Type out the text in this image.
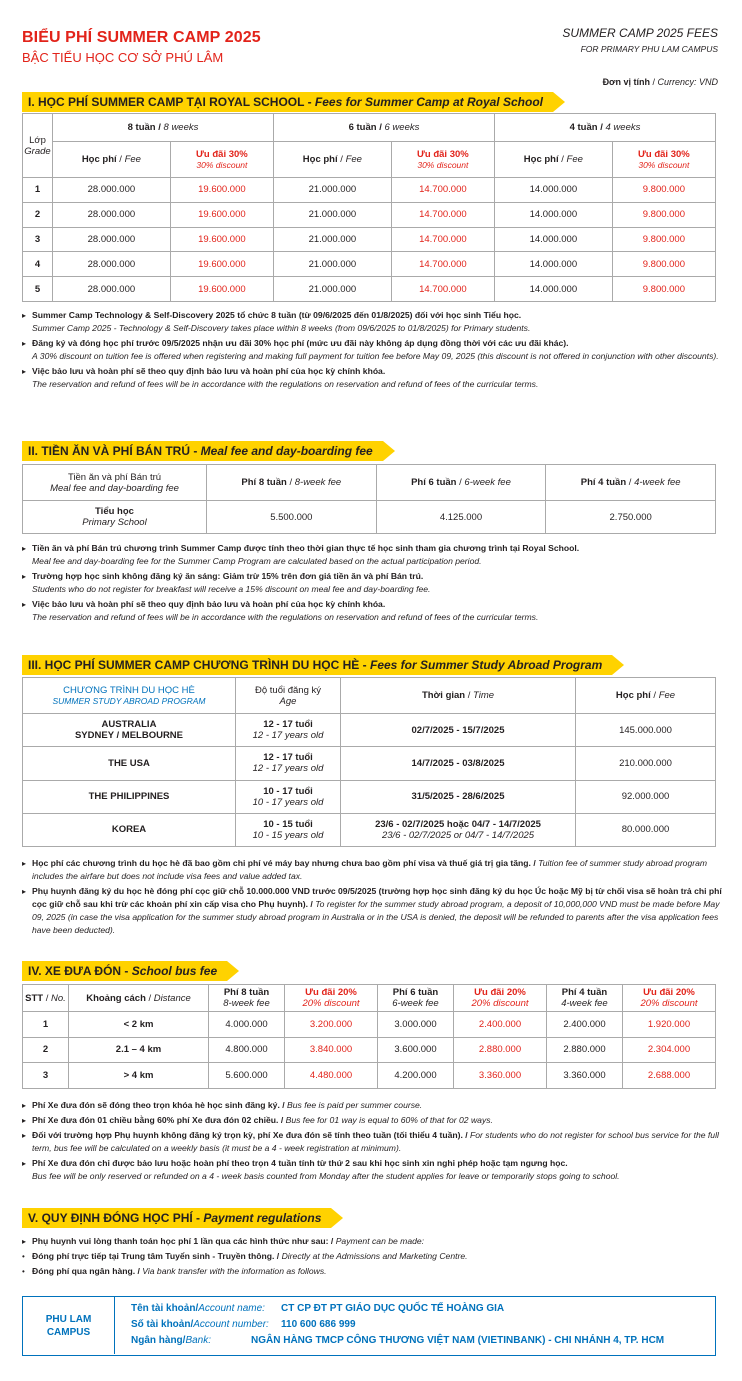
BIỂU PHÍ SUMMER CAMP 2025
BẬC TIỂU HỌC CƠ SỞ PHÚ LÂM
SUMMER CAMP 2025 FEES
FOR PRIMARY PHU LAM CAMPUS
Đơn vị tính / Currency: VND
I. HỌC PHÍ SUMMER CAMP TẠI ROYAL SCHOOL - Fees for Summer Camp at Royal School
Lớp
Grade	8 tuần / 8 weeks		6 tuần / 6 weeks		4 tuần / 4 weeks	
	Học phí / Fee	Ưu đãi 30%
30% discount	Học phí / Fee	Ưu đãi 30%
30% discount	Học phí / Fee	Ưu đãi 30%
30% discount
1	28.000.000	19.600.000	21.000.000	14.700.000	14.000.000	9.800.000
2	28.000.000	19.600.000	21.000.000	14.700.000	14.000.000	9.800.000
3	28.000.000	19.600.000	21.000.000	14.700.000	14.000.000	9.800.000
4	28.000.000	19.600.000	21.000.000	14.700.000	14.000.000	9.800.000
5	28.000.000	19.600.000	21.000.000	14.700.000	14.000.000	9.800.000

▸ Summer Camp Technology & Self-Discovery 2025 tổ chức 8 tuần (từ 09/6/2025 đến 01/8/2025) đối với học sinh Tiểu học.
Summer Camp 2025 - Technology & Self-Discovery takes place within 8 weeks (from 09/6/2025 to 01/8/2025) for Primary students.

▸ Đăng ký và đóng học phí trước 09/5/2025 nhận ưu đãi 30% học phí (mức ưu đãi này không áp dụng đồng thời với các ưu đãi khác).
A 30% discount on tuition fee is offered when registering and making full payment for tuition fee before May 09, 2025 (this discount is not offered in conjunction with other discounts).

▸ Việc bảo lưu và hoàn phí sẽ theo quy định bảo lưu và hoàn phí của học kỳ chính khóa.
The reservation and refund of fees will be in accordance with the regulations on reservation and refund of fees of the curricular terms.

II. TIỀN ĂN VÀ PHÍ BÁN TRÚ - Meal fee and day-boarding fee
Tiền ăn và phí Bán trú
Meal fee and day-boarding fee	Phí 8 tuần / 8-week fee	Phí 6 tuần / 6-week fee	Phí 4 tuần / 4-week fee
Tiểu học
Primary School	5.500.000	4.125.000	2.750.000

▸ Tiền ăn và phí Bán trú chương trình Summer Camp được tính theo thời gian thực tế học sinh tham gia chương trình tại Royal School.
Meal fee and day-boarding fee for the Summer Camp Program are calculated based on the actual participation period.

▸ Trường hợp học sinh không đăng ký ăn sáng: Giảm trừ 15% trên đơn giá tiền ăn và phí Bán trú.
Students who do not register for breakfast will receive a 15% discount on meal fee and day-boarding fee.

▸ Việc bảo lưu và hoàn phí sẽ theo quy định bảo lưu và hoàn phí của học kỳ chính khóa.
The reservation and refund of fees will be in accordance with the regulations on reservation and refund of fees of the curricular terms.

III. HỌC PHÍ SUMMER CAMP CHƯƠNG TRÌNH DU HỌC HÈ - Fees for Summer Study Abroad Program
CHƯƠNG TRÌNH DU HỌC HÈ
SUMMER STUDY ABROAD PROGRAM	Độ tuổi đăng ký
Age	Thời gian / Time	Học phí / Fee
AUSTRALIA
SYDNEY / MELBOURNE	12 - 17 tuổi
12 - 17 years old	02/7/2025 - 15/7/2025	145.000.000
THE USA	12 - 17 tuổi
12 - 17 years old	14/7/2025 - 03/8/2025	210.000.000
THE PHILIPPINES	10 - 17 tuổi
10 - 17 years old	31/5/2025 - 28/6/2025	92.000.000
KOREA	10 - 15 tuổi
10 - 15 years old	23/6 - 02/7/2025 hoặc 04/7 - 14/7/2025
23/6 - 02/7/2025 or 04/7 - 14/7/2025	80.000.000

▸ Học phí các chương trình du học hè đã bao gồm chi phí vé máy bay nhưng chưa bao gồm phí visa và thuế giá trị gia tăng. / Tuition fee of summer study abroad program includes the airfare but does not include visa fees and value added tax.

▸ Phụ huynh đăng ký du học hè đóng phí cọc giữ chỗ 10.000.000 VND trước 09/5/2025 (trường hợp học sinh đăng ký du học Úc hoặc Mỹ bị từ chối visa sẽ hoàn trả chi phí cọc giữ chỗ sau khi trừ các khoản phí xin cấp visa cho Phụ huynh). / To register for the summer study abroad program, a deposit of 10,000,000 VND must be made before May 09, 2025 (in case the visa application for the summer study abroad program in Australia or in the USA is denied, the deposit will be refunded to parents after the visa application fees have been deducted).

IV. XE ĐƯA ĐÓN - School bus fee
STT / No.	Khoảng cách / Distance	Phí 8 tuần
8-week fee	Ưu đãi 20%
20% discount	Phí 6 tuần
6-week fee	Ưu đãi 20%
20% discount	Phí 4 tuần
4-week fee	Ưu đãi 20%
20% discount
1	< 2 km	4.000.000	3.200.000	3.000.000	2.400.000	2.400.000	1.920.000
2	2.1 – 4 km	4.800.000	3.840.000	3.600.000	2.880.000	2.880.000	2.304.000
3	> 4 km	5.600.000	4.480.000	4.200.000	3.360.000	3.360.000	2.688.000

▸ Phí Xe đưa đón sẽ đóng theo trọn khóa hè học sinh đăng ký. / Bus fee is paid per summer course.

▸ Phí Xe đưa đón 01 chiều bằng 60% phí Xe đưa đón 02 chiều. / Bus fee for 01 way is equal to 60% of that for 02 ways.

▸ Đối với trường hợp Phụ huynh không đăng ký trọn kỳ, phí Xe đưa đón sẽ tính theo tuần (tối thiểu 4 tuần). / For students who do not register for school bus service for the full term, bus fee will be calculated on a weekly basis (it must be a 4 - week registration at minimum).

▸ Phí Xe đưa đón chỉ được bảo lưu hoặc hoàn phí theo trọn 4 tuần tính từ thứ 2 sau khi học sinh xin nghỉ phép hoặc tạm ngưng học.
Bus fee will be only reserved or refunded on a 4 - week basis counted from Monday after the student applies for leave or temporarily stops going to school.

V. QUY ĐỊNH ĐÓNG HỌC PHÍ - Payment regulations

▸ Phụ huynh vui lòng thanh toán học phí 1 lần qua các hình thức như sau: / Payment can be made:

• Đóng phí trực tiếp tại Trung tâm Tuyển sinh - Truyền thông. / Directly at the Admissions and Marketing Centre.

• Đóng phí qua ngân hàng. / Via bank transfer with the information as follows.

PHU LAM CAMPUS
Tên tài khoản/Account name: CT CP ĐT PT GIÁO DỤC QUỐC TẾ HOÀNG GIA
Số tài khoản/Account number: 110 600 686 999
Ngân hàng/Bank:	NGÂN HÀNG TMCP CÔNG THƯƠNG VIỆT NAM (VIETINBANK) - CHI NHÁNH 4, TP. HCM
